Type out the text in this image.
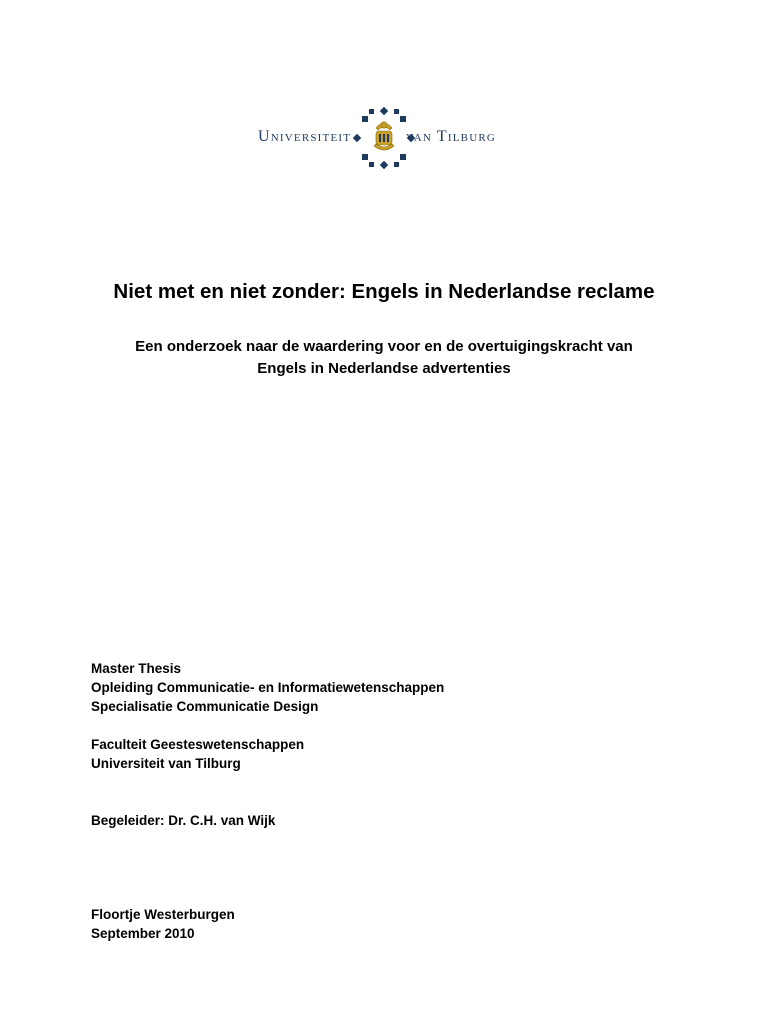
Universiteit	van Tilburg
Niet met en niet zonder: Engels in Nederlandse reclame
Een onderzoek naar de waardering voor en de overtuigingskracht van
Engels in Nederlandse advertenties
Master Thesis
Opleiding Communicatie- en Informatiewetenschappen
Specialisatie Communicatie Design
Faculteit Geesteswetenschappen
Universiteit van Tilburg
Begeleider: Dr. C.H. van Wijk
Floortje Westerburgen
September 2010
